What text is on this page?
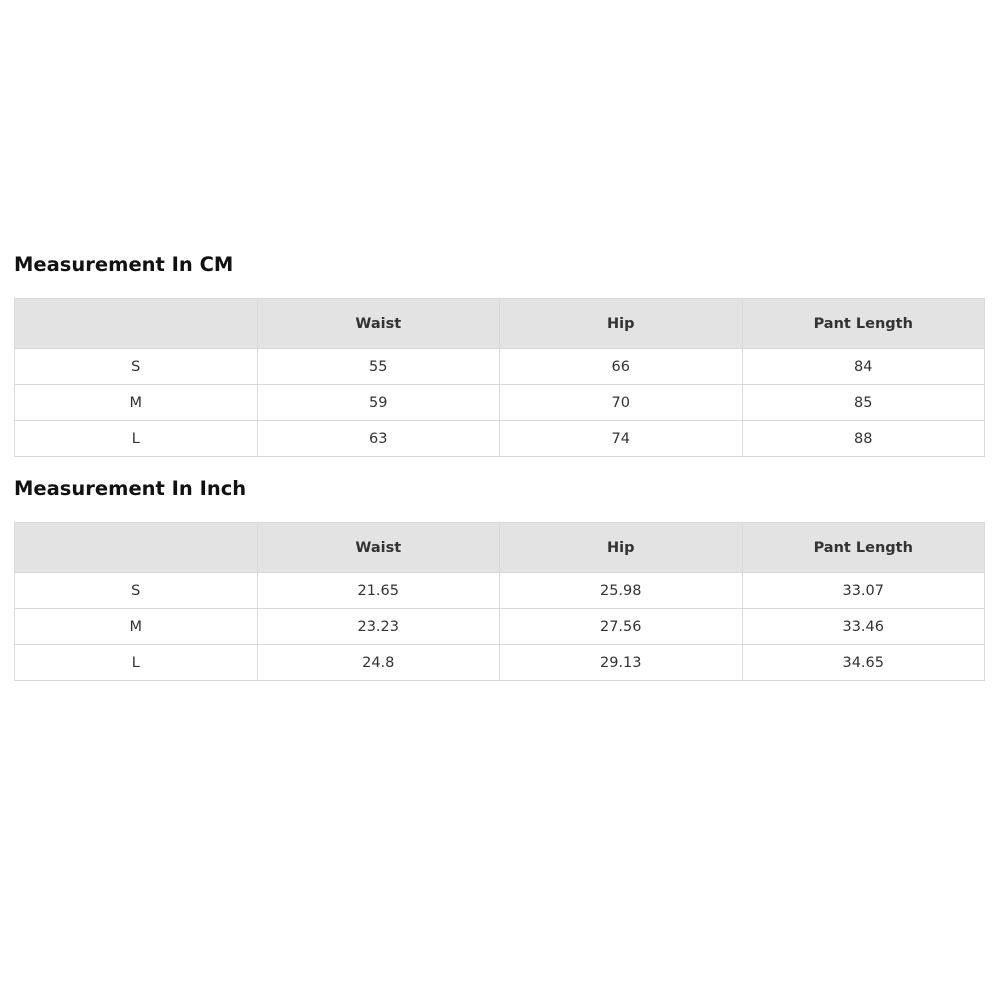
Measurement In CM
	Waist	Hip	Pant Length
S	55	66	84
M	59	70	85
L	63	74	88
Measurement In Inch
	Waist	Hip	Pant Length
S	21.65	25.98	33.07
M	23.23	27.56	33.46
L	24.8	29.13	34.65
